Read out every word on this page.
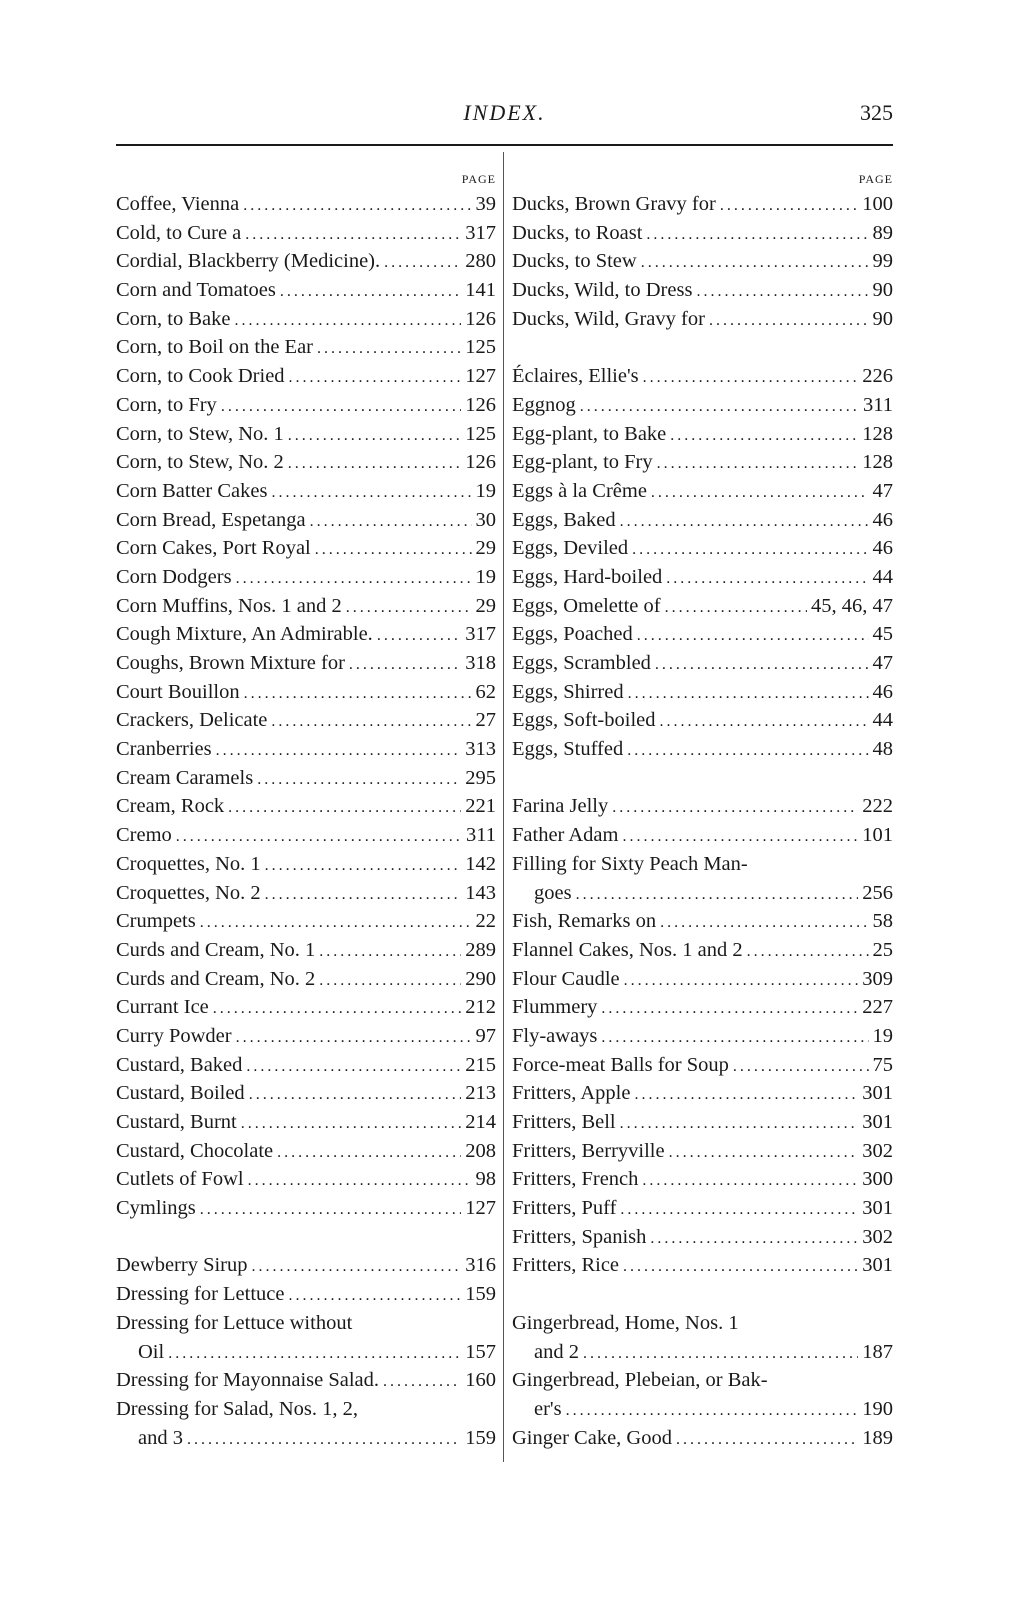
INDEX.	325
PAGE
Coffee, Vienna .....	39
Cold, to Cure a .....	317
Cordial, Blackberry (Medicine). .....	280
Corn and Tomatoes .....	141
Corn, to Bake .....	126
Corn, to Boil on the Ear .....	125
Corn, to Cook Dried .....	127
Corn, to Fry .....	126
Corn, to Stew, No. 1 .....	125
Corn, to Stew, No. 2 .....	126
Corn Batter Cakes .....	19
Corn Bread, Espetanga .....	30
Corn Cakes, Port Royal .....	29
Corn Dodgers .....	19
Corn Muffins, Nos. 1 and 2 .....	29
Cough Mixture, An Admirable. .....	317
Coughs, Brown Mixture for .....	318
Court Bouillon .....	62
Crackers, Delicate .....	27
Cranberries .....	313
Cream Caramels .....	295
Cream, Rock .....	221
Cremo .....	311
Croquettes, No. 1 .....	142
Croquettes, No. 2 .....	143
Crumpets .....	22
Curds and Cream, No. 1 .....	289
Curds and Cream, No. 2 .....	290
Currant Ice .....	212
Curry Powder .....	97
Custard, Baked .....	215
Custard, Boiled .....	213
Custard, Burnt .....	214
Custard, Chocolate .....	208
Cutlets of Fowl .....	98
Cymlings .....	127
Dewberry Sirup .....	316
Dressing for Lettuce .....	159
Dressing for Lettuce without
Oil .....	157
Dressing for Mayonnaise Salad. .....	160
Dressing for Salad, Nos. 1, 2,
and 3 .....	159
PAGE
Ducks, Brown Gravy for .....	100
Ducks, to Roast .....	89
Ducks, to Stew .....	99
Ducks, Wild, to Dress .....	90
Ducks, Wild, Gravy for .....	90
Éclaires, Ellie's .....	226
Eggnog .....	311
Egg-plant, to Bake .....	128
Egg-plant, to Fry .....	128
Eggs à la Crême .....	47
Eggs, Baked .....	46
Eggs, Deviled .....	46
Eggs, Hard-boiled .....	44
Eggs, Omelette of .....	45, 46, 47
Eggs, Poached .....	45
Eggs, Scrambled .....	47
Eggs, Shirred .....	46
Eggs, Soft-boiled .....	44
Eggs, Stuffed .....	48
Farina Jelly .....	222
Father Adam .....	101
Filling for Sixty Peach Man-
goes .....	256
Fish, Remarks on .....	58
Flannel Cakes, Nos. 1 and 2 .....	25
Flour Caudle .....	309
Flummery .....	227
Fly-aways .....	19
Force-meat Balls for Soup .....	75
Fritters, Apple .....	301
Fritters, Bell .....	301
Fritters, Berryville .....	302
Fritters, French .....	300
Fritters, Puff .....	301
Fritters, Spanish .....	302
Fritters, Rice .....	301
Gingerbread, Home, Nos. 1
and 2 .....	187
Gingerbread, Plebeian, or Bak-
er's .....	190
Ginger Cake, Good .....	189
